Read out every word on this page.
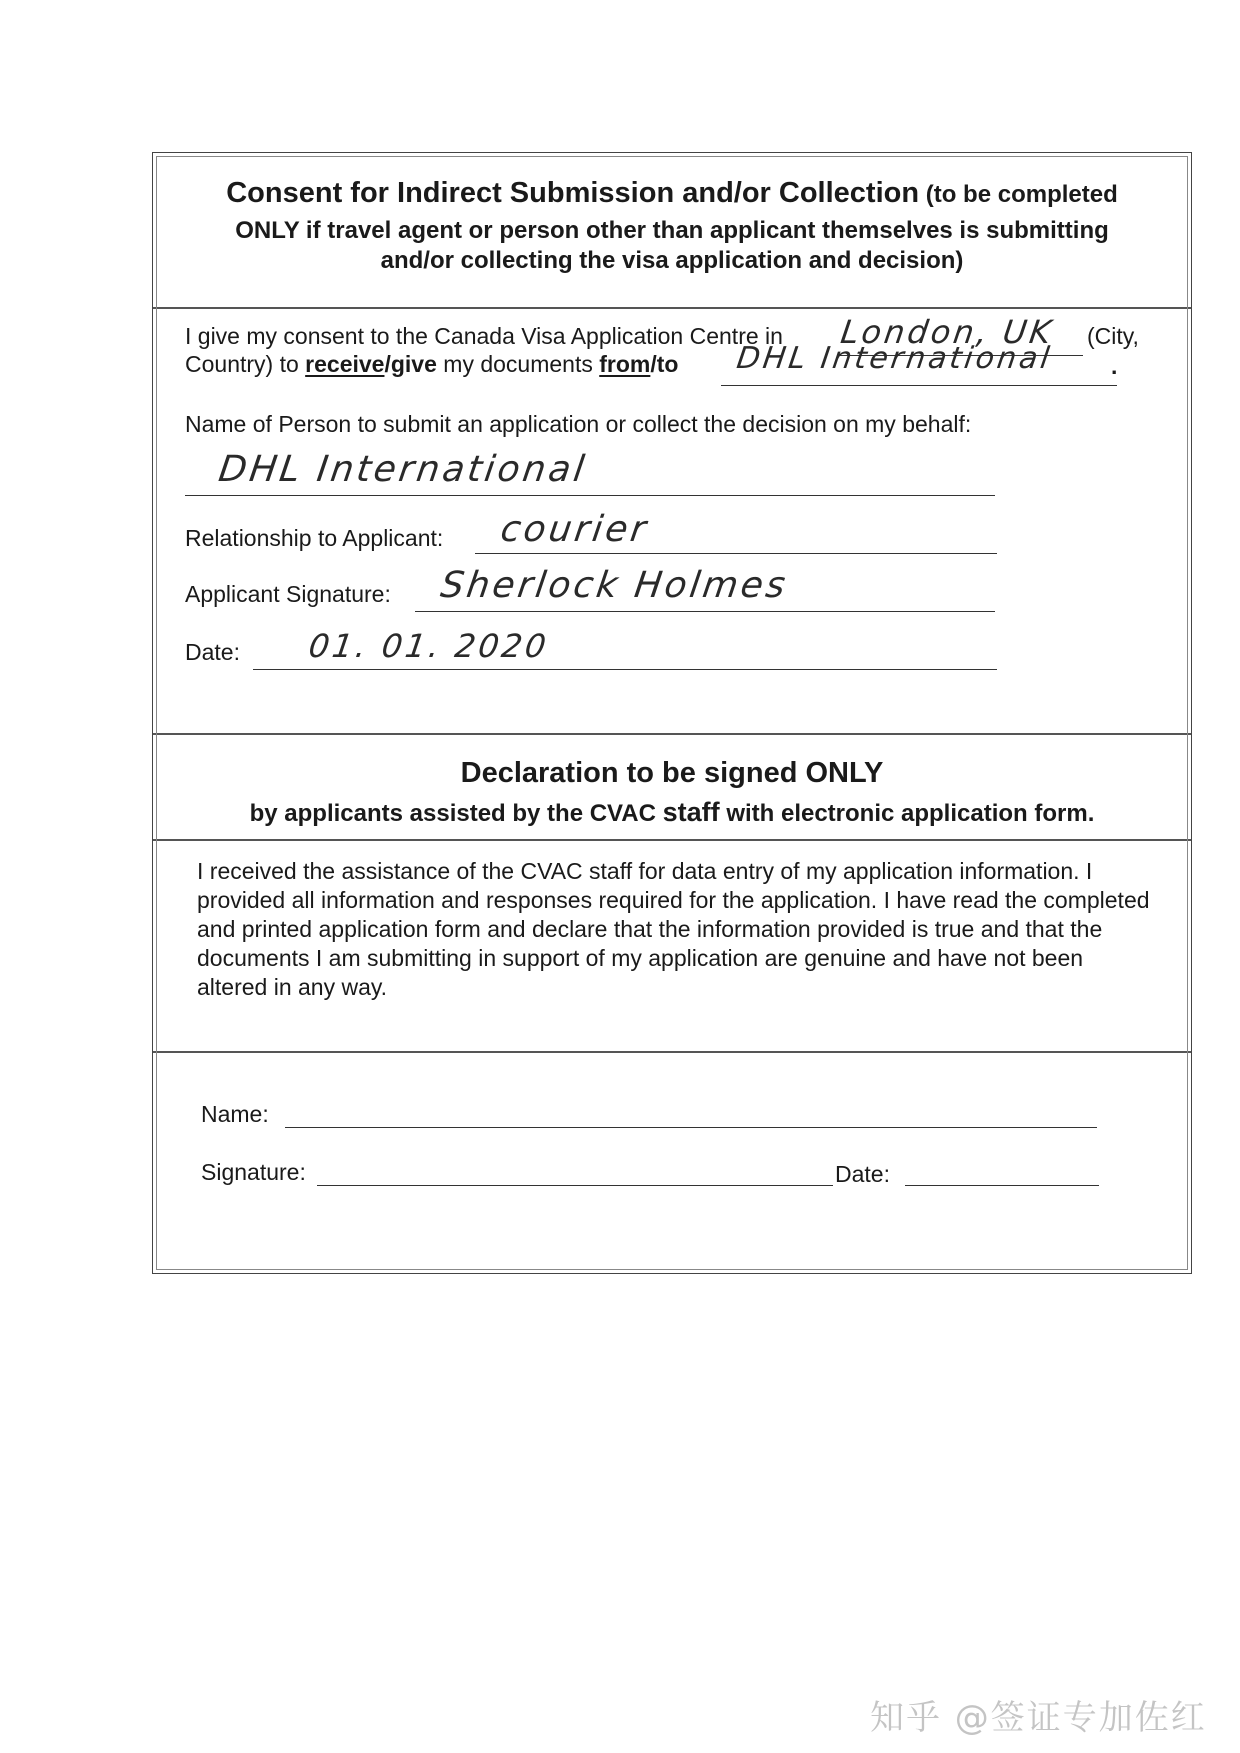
Consent for Indirect Submission and/or Collection (to be completed
ONLY if travel agent or person other than applicant themselves is submitting
and/or collecting the visa application and decision)
I give my consent to the Canada Visa Application Centre in London, UK (City,
Country) to receive/give my documents from/to DHL International .
Name of Person to submit an application or collect the decision on my behalf:
DHL International
Relationship to Applicant: courier
Applicant Signature: Sherlock Holmes
Date: 01. 01. 2020
Declaration to be signed ONLY
by applicants assisted by the CVAC staff with electronic application form.
I received the assistance of the CVAC staff for data entry of my application information. I provided all information and responses required for the application. I have read the completed and printed application form and declare that the information provided is true and that the documents I am submitting in support of my application are genuine and have not been altered in any way.
Name:
Signature:	Date:
知乎 @签证专加佐红
